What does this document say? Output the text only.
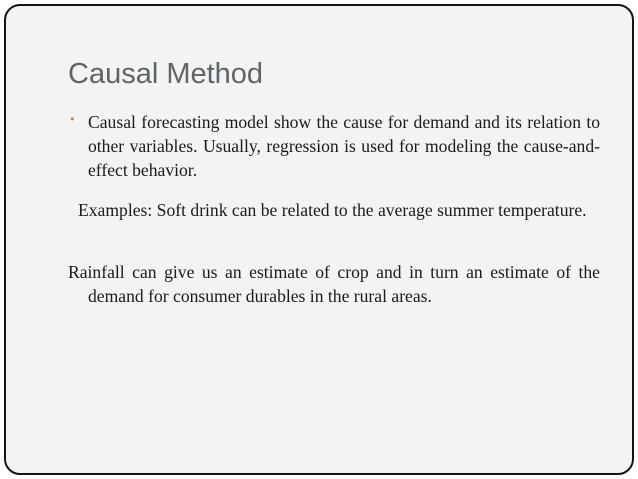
Causal Method
• Causal forecasting model show the cause for demand and its relation to other variables. Usually, regression is used for modeling the cause-and-effect behavior.

Examples: Soft drink can be related to the average summer temperature.

Rainfall can give us an estimate of crop and in turn an estimate of the demand for consumer durables in the rural areas.
